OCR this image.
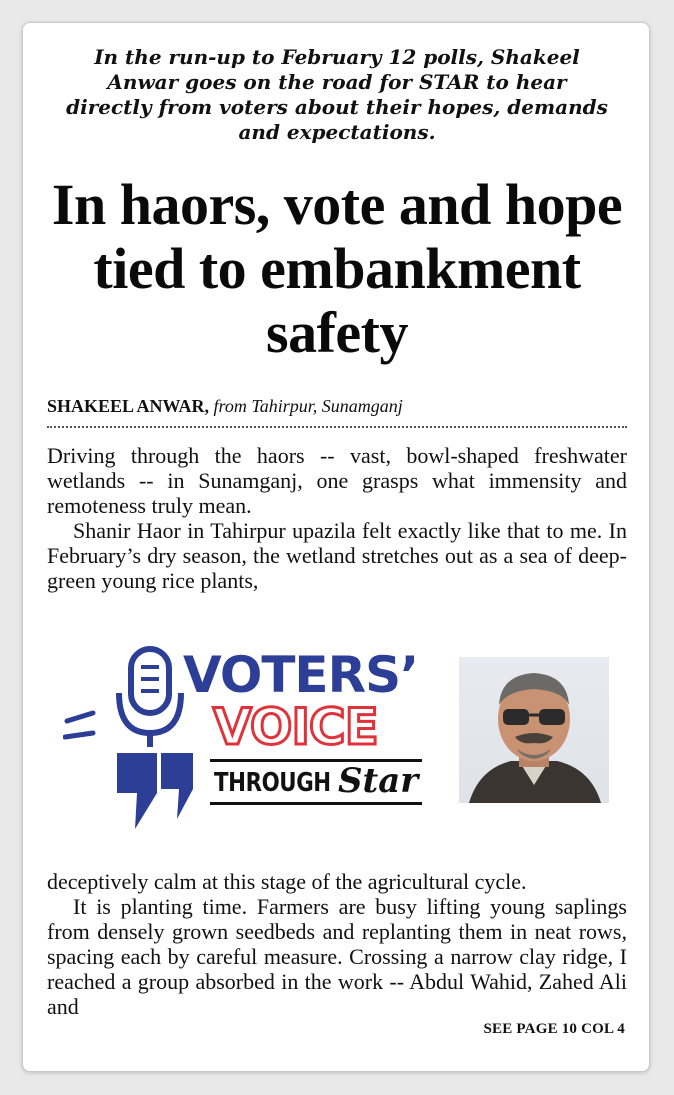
In the run-up to February 12 polls, Shakeel Anwar goes on the road for STAR to hear directly from voters about their hopes, demands and expectations.
In haors, vote and hope tied to embankment safety
SHAKEEL ANWAR, from Tahirpur, Sunamganj

Driving through the haors -- vast, bowl-shaped freshwater wetlands -- in Sunamganj, one grasps what immensity and remoteness truly mean.

Shanir Haor in Tahirpur upazila felt exactly like that to me. In February’s dry season, the wetland stretches out as a sea of deep-green young rice plants,

VOTERS’
VOICE
THROUGH Star

deceptively calm at this stage of the agricultural cycle.

It is planting time. Farmers are busy lifting young saplings from densely grown seedbeds and replanting them in neat rows, spacing each by careful measure. Crossing a narrow clay ridge, I reached a group absorbed in the work -- Abdul Wahid, Zahed Ali and

SEE PAGE 10 COL 4
